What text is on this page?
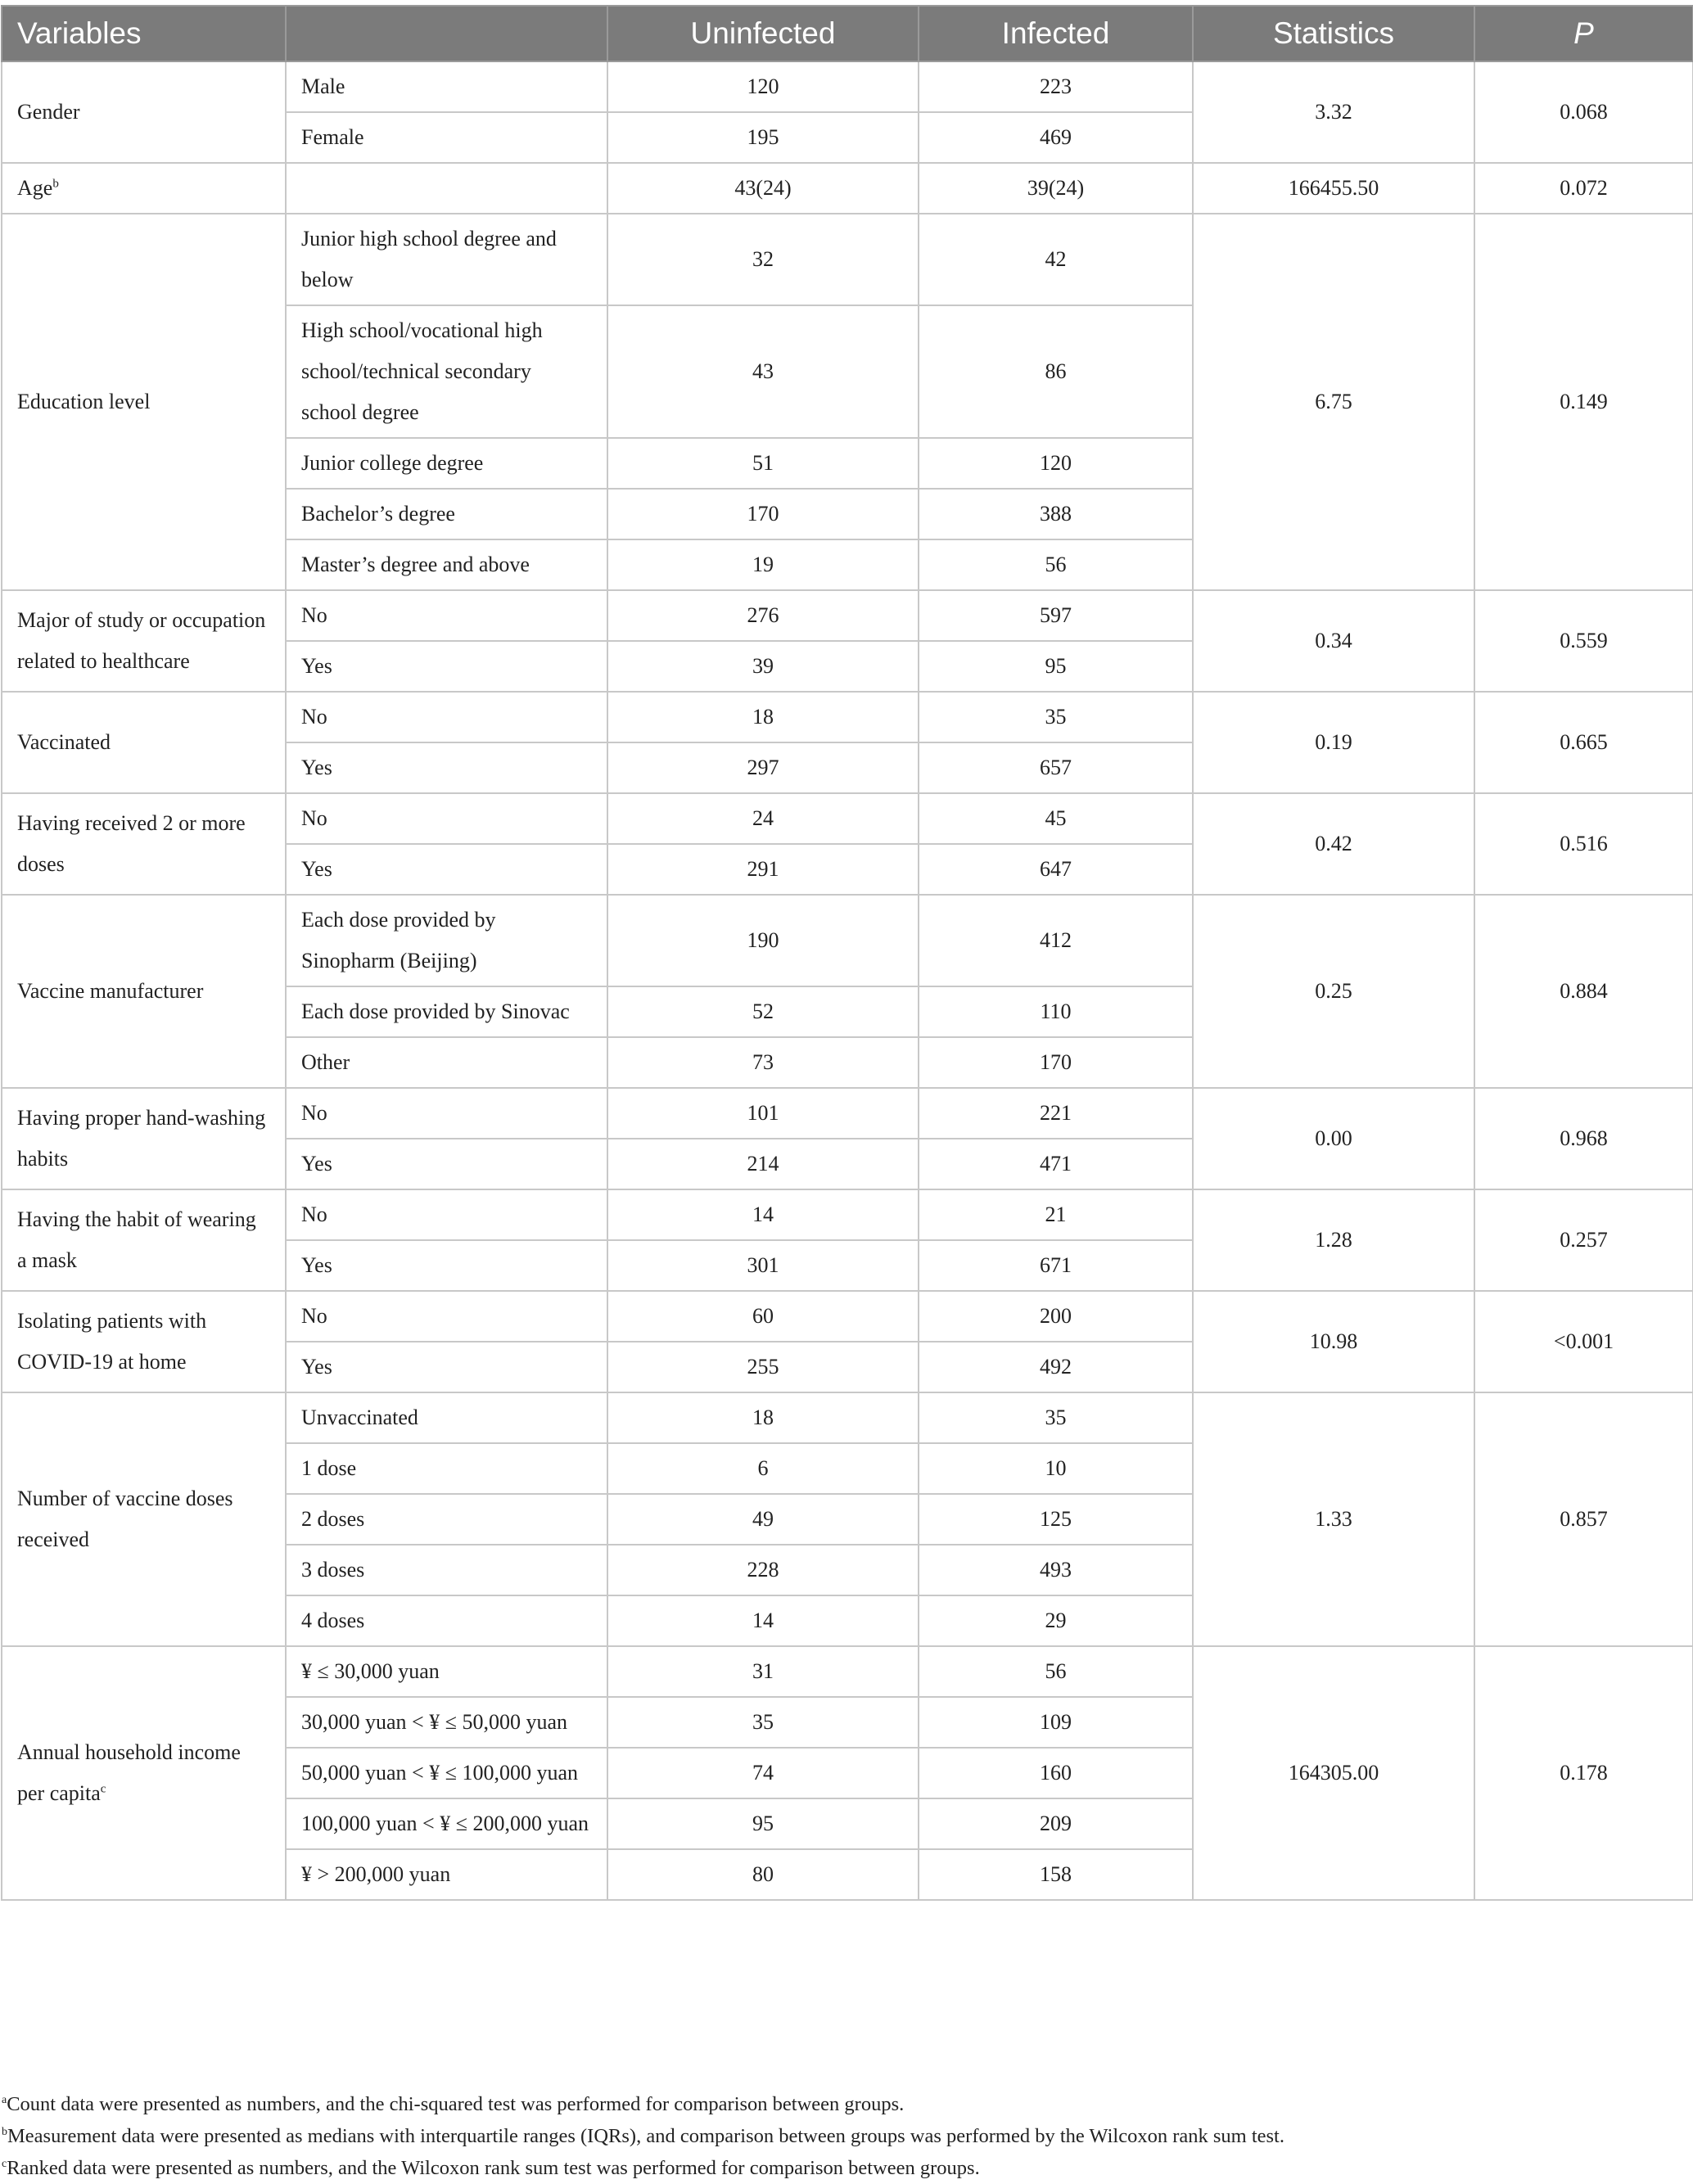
Variables		Uninfected	Infected	Statistics	P
Gender	Male	120	223	3.32	0.068
	Female	195	469		
Age$^b$		43(24)	39(24)	166455.50	0.072
Education level	Junior high school degree and below	32	42	6.75	0.149
	High school/vocational high school/technical secondary school degree	43	86		
	Junior college degree	51	120		
	Bachelor’s degree	170	388		
	Master’s degree and above	19	56		
Major of study or occupation related to healthcare	No	276	597	0.34	0.559
	Yes	39	95		
Vaccinated	No	18	35	0.19	0.665
	Yes	297	657		
Having received 2 or more doses	No	24	45	0.42	0.516
	Yes	291	647		
Vaccine manufacturer	Each dose provided by Sinopharm (Beijing)	190	412	0.25	0.884
	Each dose provided by Sinovac	52	110		
	Other	73	170		
Having proper hand-washing habits	No	101	221	0.00	0.968
	Yes	214	471		
Having the habit of wearing a mask	No	14	21	1.28	0.257
	Yes	301	671		
Isolating patients with COVID-19 at home	No	60	200	10.98	<0.001
	Yes	255	492		
Number of vaccine doses received	Unvaccinated	18	35	1.33	0.857
	1 dose	6	10		
	2 doses	49	125		
	3 doses	228	493		
	4 doses	14	29		
Annual household income per capita$^c$	¥ ≤ 30,000 yuan	31	56	164305.00	0.178
	30,000 yuan < ¥ ≤ 50,000 yuan	35	109		
	50,000 yuan < ¥ ≤ 100,000 yuan	74	160		
	100,000 yuan < ¥ ≤ 200,000 yuan	95	209		
	¥ > 200,000 yuan	80	158		
$^a$Count data were presented as numbers, and the chi-squared test was performed for comparison between groups.
$^b$Measurement data were presented as medians with interquartile ranges (IQRs), and comparison between groups was performed by the Wilcoxon rank sum test.
$^c$Ranked data were presented as numbers, and the Wilcoxon rank sum test was performed for comparison between groups.
